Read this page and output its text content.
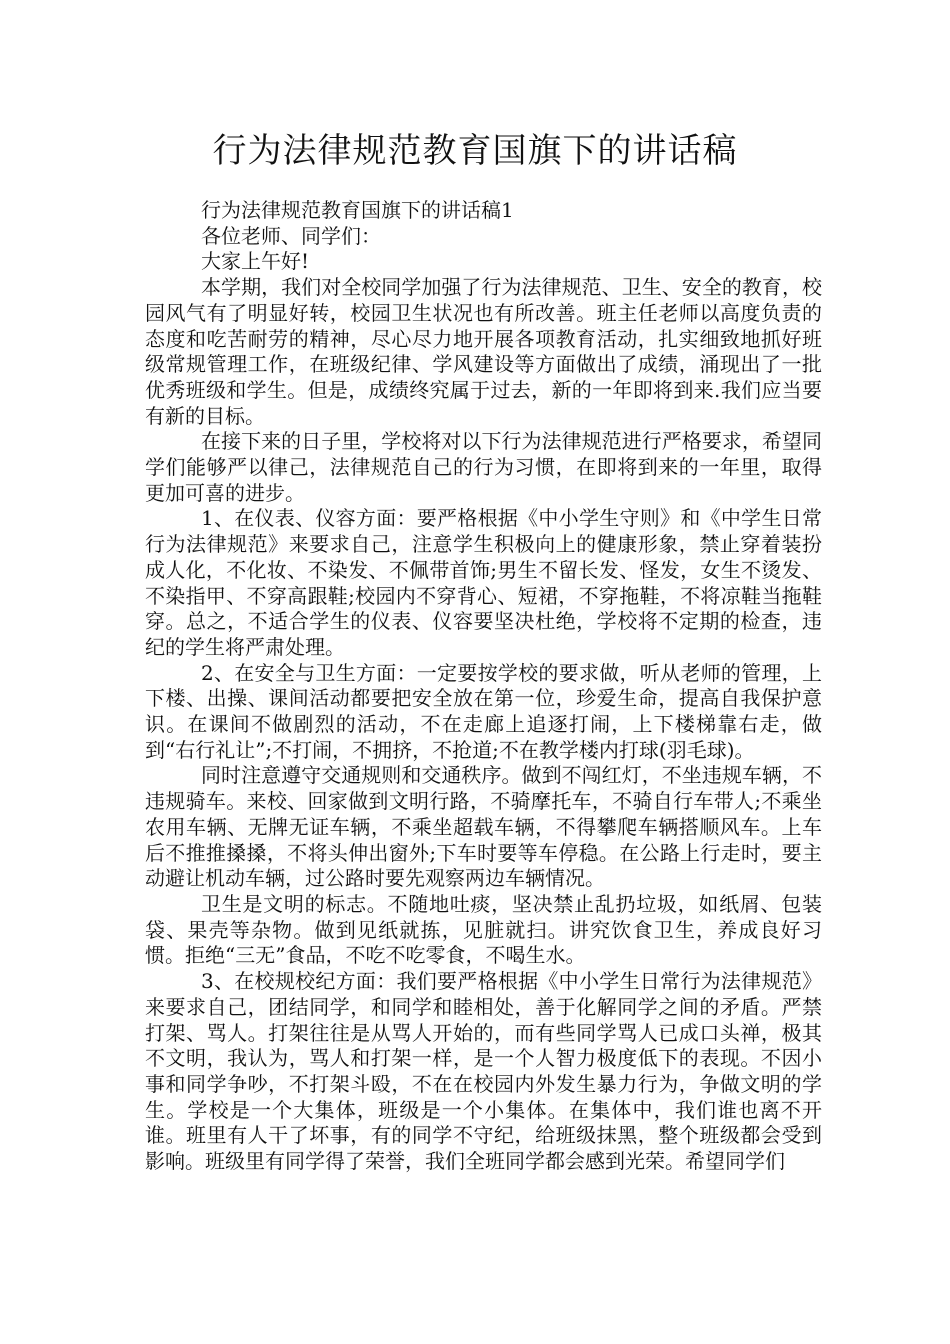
行为法律规范教育国旗下的讲话稿

行为法律规范教育国旗下的讲话稿1

各位老师、同学们：

大家上午好!

本学期，我们对全校同学加强了行为法律规范、卫生、安全的教育，校园风气有了明显好转，校园卫生状况也有所改善。班主任老师以高度负责的态度和吃苦耐劳的精神，尽心尽力地开展各项教育活动，扎实细致地抓好班级常规管理工作，在班级纪律、学风建设等方面做出了成绩，涌现出了一批优秀班级和学生。但是，成绩终究属于过去，新的一年即将到来.我们应当要有新的目标。

在接下来的日子里，学校将对以下行为法律规范进行严格要求，希望同学们能够严以律己，法律规范自己的行为习惯，在即将到来的一年里，取得更加可喜的进步。

1、在仪表、仪容方面：要严格根据《中小学生守则》和《中学生日常行为法律规范》来要求自己，注意学生积极向上的健康形象，禁止穿着装扮成人化，不化妆、不染发、不佩带首饰;男生不留长发、怪发，女生不烫发、不染指甲、不穿高跟鞋;校园内不穿背心、短裙，不穿拖鞋，不将凉鞋当拖鞋穿。总之，不适合学生的仪表、仪容要坚决杜绝，学校将不定期的检查，违纪的学生将严肃处理。

2、在安全与卫生方面：一定要按学校的要求做，听从老师的管理，上下楼、出操、课间活动都要把安全放在第一位，珍爱生命，提高自我保护意识。在课间不做剧烈的活动，不在走廊上追逐打闹，上下楼梯靠右走，做到“右行礼让”;不打闹，不拥挤，不抢道;不在教学楼内打球(羽毛球)。

同时注意遵守交通规则和交通秩序。做到不闯红灯，不坐违规车辆，不违规骑车。来校、回家做到文明行路，不骑摩托车，不骑自行车带人;不乘坐农用车辆、无牌无证车辆，不乘坐超载车辆，不得攀爬车辆搭顺风车。上车后不推推搡搡，不将头伸出窗外;下车时要等车停稳。在公路上行走时，要主动避让机动车辆，过公路时要先观察两边车辆情况。

卫生是文明的标志。不随地吐痰，坚决禁止乱扔垃圾，如纸屑、包装袋、果壳等杂物。做到见纸就拣，见脏就扫。讲究饮食卫生，养成良好习惯。拒绝“三无”食品，不吃不吃零食，不喝生水。

3、在校规校纪方面：我们要严格根据《中小学生日常行为法律规范》来要求自己，团结同学，和同学和睦相处，善于化解同学之间的矛盾。严禁打架、骂人。打架往往是从骂人开始的，而有些同学骂人已成口头禅，极其不文明，我认为，骂人和打架一样，是一个人智力极度低下的表现。不因小事和同学争吵，不打架斗殴，不在在校园内外发生暴力行为，争做文明的学生。学校是一个大集体，班级是一个小集体。在集体中，我们谁也离不开谁。班里有人干了坏事，有的同学不守纪，给班级抹黑，整个班级都会受到影响。班级里有同学得了荣誉，我们全班同学都会感到光荣。希望同学们
